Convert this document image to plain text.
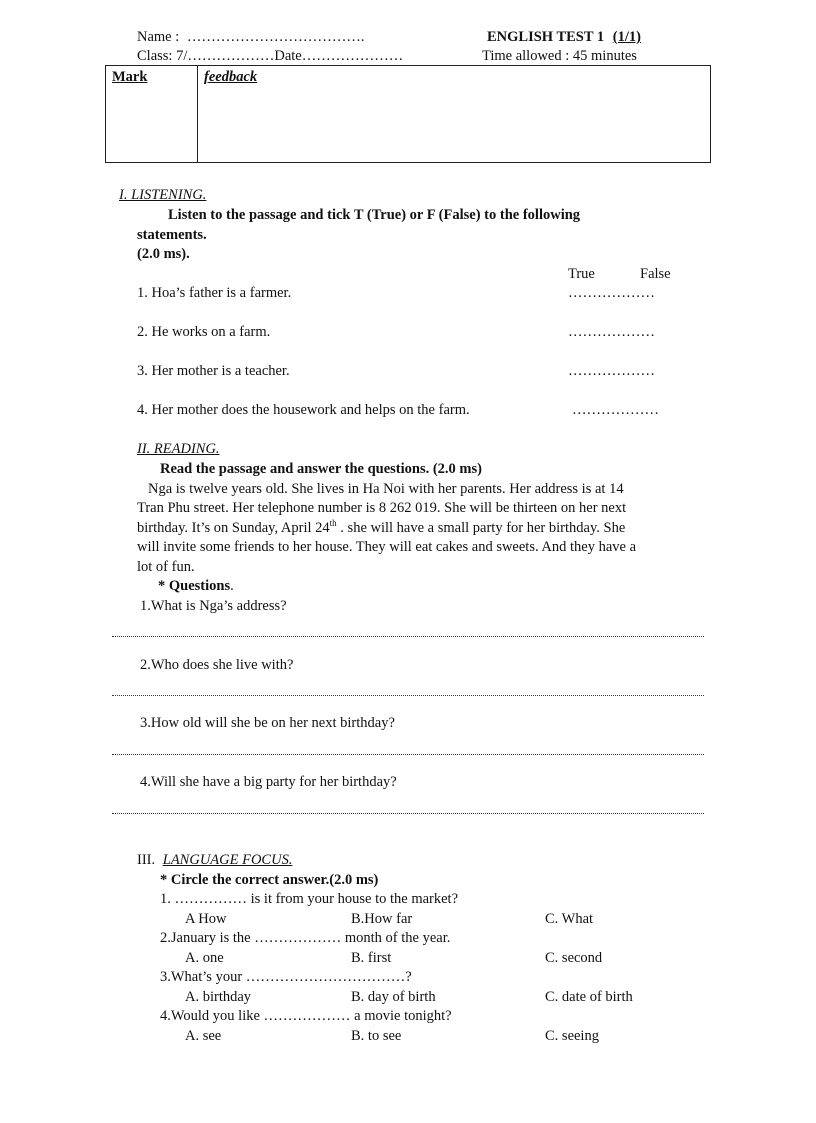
Name : ……………………………….
Class: 7/………………Date…………………
ENGLISH TEST 1 (1/1)
Time allowed : 45 minutes
Mark	feedback
I. LISTENING.
Listen to the passage and tick T (True) or F (False) to the following
statements.
(2.0 ms).
True	False
1. Hoa’s father is a farmer.	………………
2. He works on a farm.	………………
3. Her mother is a teacher.	………………
4. Her mother does the housework and helps on the farm.	………………
II. READING.
Read the passage and answer the questions. (2.0 ms)
Nga is twelve years old. She lives in Ha Noi with her parents. Her address is at 14
Tran Phu street. Her telephone number is 8 262 019. She will be thirteen on her next
birthday. It’s on Sunday, April 24th . she will have a small party for her birthday. She
will invite some friends to her house. They will eat cakes and sweets. And they have a
lot of fun.
* Questions.
1.What is Nga’s address?
2.Who does she live with?
3.How old will she be on her next birthday?
4.Will she have a big party for her birthday?
III. LANGUAGE FOCUS.
* Circle the correct answer.(2.0 ms)
1. …………… is it from your house to the market?
A How	B.How far	C. What
2.January is the ……………… month of the year.
A. one	B. first	C. second
3.What’s your ……………………………?
A. birthday	B. day of birth	C. date of birth
4.Would you like ……………… a movie tonight?
A. see	B. to see	C. seeing
